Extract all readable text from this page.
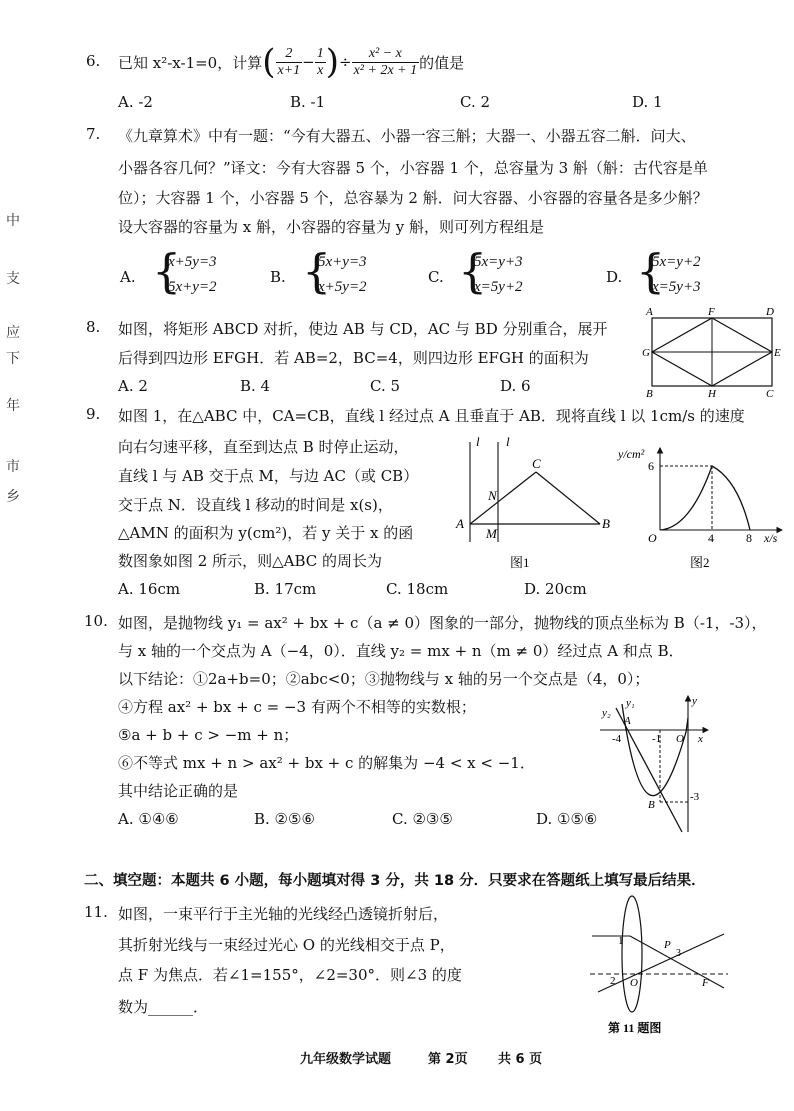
中
支
应
下
年
市
乡
6. 已知 x²-x-1=0，计算 ( $\frac{2}{x+1} - \frac{1}{x}$ ) ÷ $\frac{\text{x² − x}}{\text{x² + 2x + 1}}$ 的值是
A. -2	B. -1	C. 2	D. 1
7. 《九章算术》中有一题：“今有大器五、小器一容三斛；大器一、小器五容二斛．问大、
小器各容几何？”译文：今有大容器 5 个，小容器 1 个，总容量为 3 斛（斛：古代容是单
位）；大容器 1 个，小容器 5 个，总容暴为 2 斛．问大容器、小容器的容量各是多少斛？
设大容器的容量为 x 斛，小容器的容量为 y 斛，则可列方程组是
A. {
x+5y=3
5x+y=2
B. {
5x+y=3
x+5y=2
C. {
5x=y+3
x=5y+2
D. {
5x=y+2
x=5y+3
8. 如图，将矩形 ABCD 对折，使边 AB 与 CD，AC 与 BD 分别重合，展开
后得到四边形 EFGH．若 AB=2，BC=4，则四边形 EFGH 的面积为
A. 2	B. 4	C. 5	D. 6
A	F	D
G	E
B	H	C
9. 如图 1，在△ABC 中，CA=CB，直线 l 经过点 A 且垂直于 AB．现将直线 l 以 1cm/s 的速度
向右匀速平移，直至到达点 B 时停止运动，
直线 l 与 AB 交于点 M，与边 AC（或 CB）
交于点 N．设直线 l 移动的时间是 x(s)，
△AMN 的面积为 y(cm²)，若 y 关于 x 的函
数图象如图 2 所示，则△ABC 的周长为
A. 16cm	B. 17cm	C. 18cm	D. 20cm
l l
C
N
A
M
B
图1
y/cm²
6
O	4	8 x/s
图2
10. 如图，是抛物线 y₁ = ax² + bx + c（a ≠ 0）图象的一部分，抛物线的顶点坐标为 B（-1，-3），
与 x 轴的一个交点为 A（−4，0）．直线 y₂ = mx + n（m ≠ 0）经过点 A 和点 B．
以下结论：①2a+b=0；②abc<0；③抛物线与 x 轴的另一个交点是（4，0）；
④方程 ax² + bx + c = −3 有两个不相等的实数根；
⑤a + b + c > −m + n；
⑥不等式 mx + n > ax² + bx + c 的解集为 −4 < x < −1．
其中结论正确的是
A. ①④⑥	B. ②⑤⑥	C. ②③⑤	D. ①⑤⑥
y₂
y₁	y
A
-4	-1 O x
B
-3
二、填空题：本题共 6 小题，每小题填对得 3 分，共 18 分．只要求在答题纸上填写最后结果．
11. 如图，一束平行于主光轴的光线经凸透镜折射后，
其折射光线与一束经过光心 O 的光线相交于点 P，
点 F 为焦点．若∠1=155°，∠2=30°．则∠3 的度
数为______．
1
2
3
P
O	F
第 11 题图
九年级数学试题	第 2页 共 6 页
